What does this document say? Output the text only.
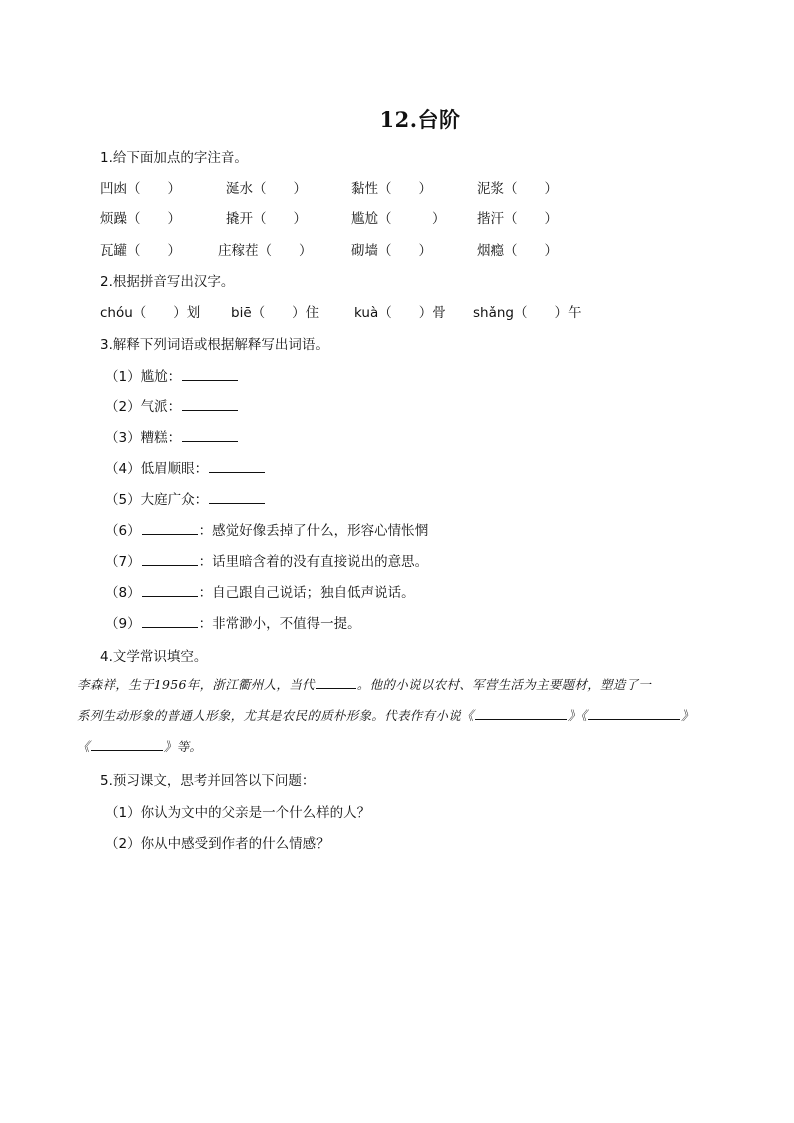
12.台阶
1.给下面加点的字注音。
凹凼（　　）	涎水（　　）	黏性（　　）	泥浆（　　）
烦躁（　　）	撬开（　　）	尴尬（　　　） 揩汗（　　）
瓦罐（　　）	庄稼茬（　　）	砌墙（　　）	烟瘾（　　）
2.根据拼音写出汉字。
chóu（　　）划 biē（　　）住	kuà（　　）骨 shǎng（　　）午
3.解释下列词语或根据解释写出词语。
（1）尴尬：
（2）气派：
（3）糟糕：
（4）低眉顺眼：
（5）大庭广众：
（6）	：感觉好像丢掉了什么，形容心情怅惘
（7）	：话里暗含着的没有直接说出的意思。
（8）	：自己跟自己说话；独自低声说话。
（9）	：非常渺小，不值得一提。
4.文学常识填空。
李森祥，生于1956年，浙江衢州人，当代	。他的小说以农村、军营生活为主要题材，塑造了一
系列生动形象的普通人形象，尤其是农民的质朴形象。代表作有小说《	》《	》
《	》等。
5.预习课文，思考并回答以下问题：
（1）你认为文中的父亲是一个什么样的人？
（2）你从中感受到作者的什么情感？
